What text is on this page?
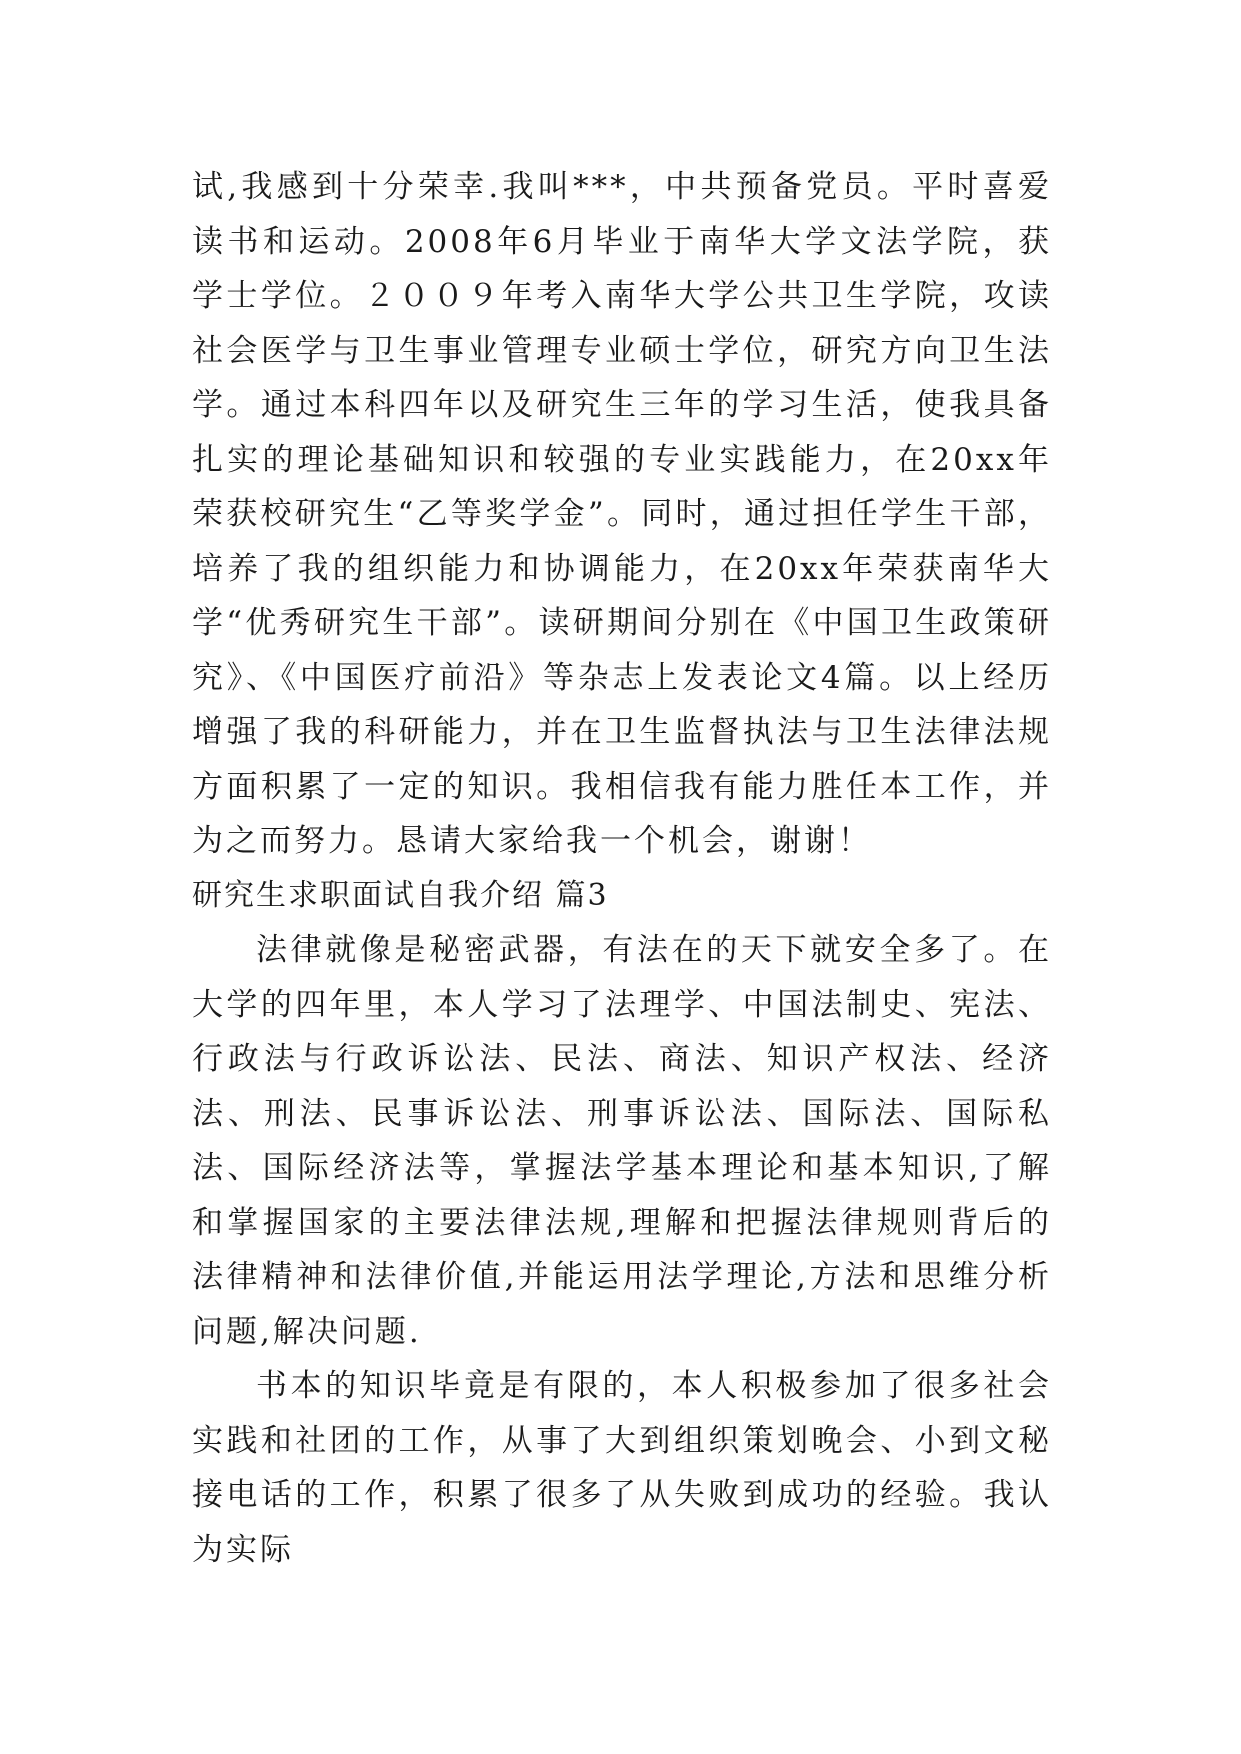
试,我感到十分荣幸.我叫***，中共预备党员。平时喜爱读书和运动。2008年6月毕业于南华大学文法学院，获学士学位。２００９年考入南华大学公共卫生学院，攻读社会医学与卫生事业管理专业硕士学位，研究方向卫生法学。通过本科四年以及研究生三年的学习生活，使我具备扎实的理论基础知识和较强的专业实践能力，在20xx年荣获校研究生“乙等奖学金”。同时，通过担任学生干部，培养了我的组织能力和协调能力，在20xx年荣获南华大学“优秀研究生干部”。读研期间分别在《中国卫生政策研究》、《中国医疗前沿》等杂志上发表论文4篇。以上经历增强了我的科研能力，并在卫生监督执法与卫生法律法规方面积累了一定的知识。我相信我有能力胜任本工作，并为之而努力。恳请大家给我一个机会，谢谢！

研究生求职面试自我介绍 篇3

法律就像是秘密武器，有法在的天下就安全多了。在大学的四年里，本人学习了法理学、中国法制史、宪法、行政法与行政诉讼法、民法、商法、知识产权法、经济法、刑法、民事诉讼法、刑事诉讼法、国际法、国际私法、国际经济法等，掌握法学基本理论和基本知识,了解和掌握国家的主要法律法规,理解和把握法律规则背后的法律精神和法律价值,并能运用法学理论,方法和思维分析问题,解决问题.

书本的知识毕竟是有限的，本人积极参加了很多社会实践和社团的工作，从事了大到组织策划晚会、小到文秘接电话的工作，积累了很多了从失败到成功的经验。我认为实际
